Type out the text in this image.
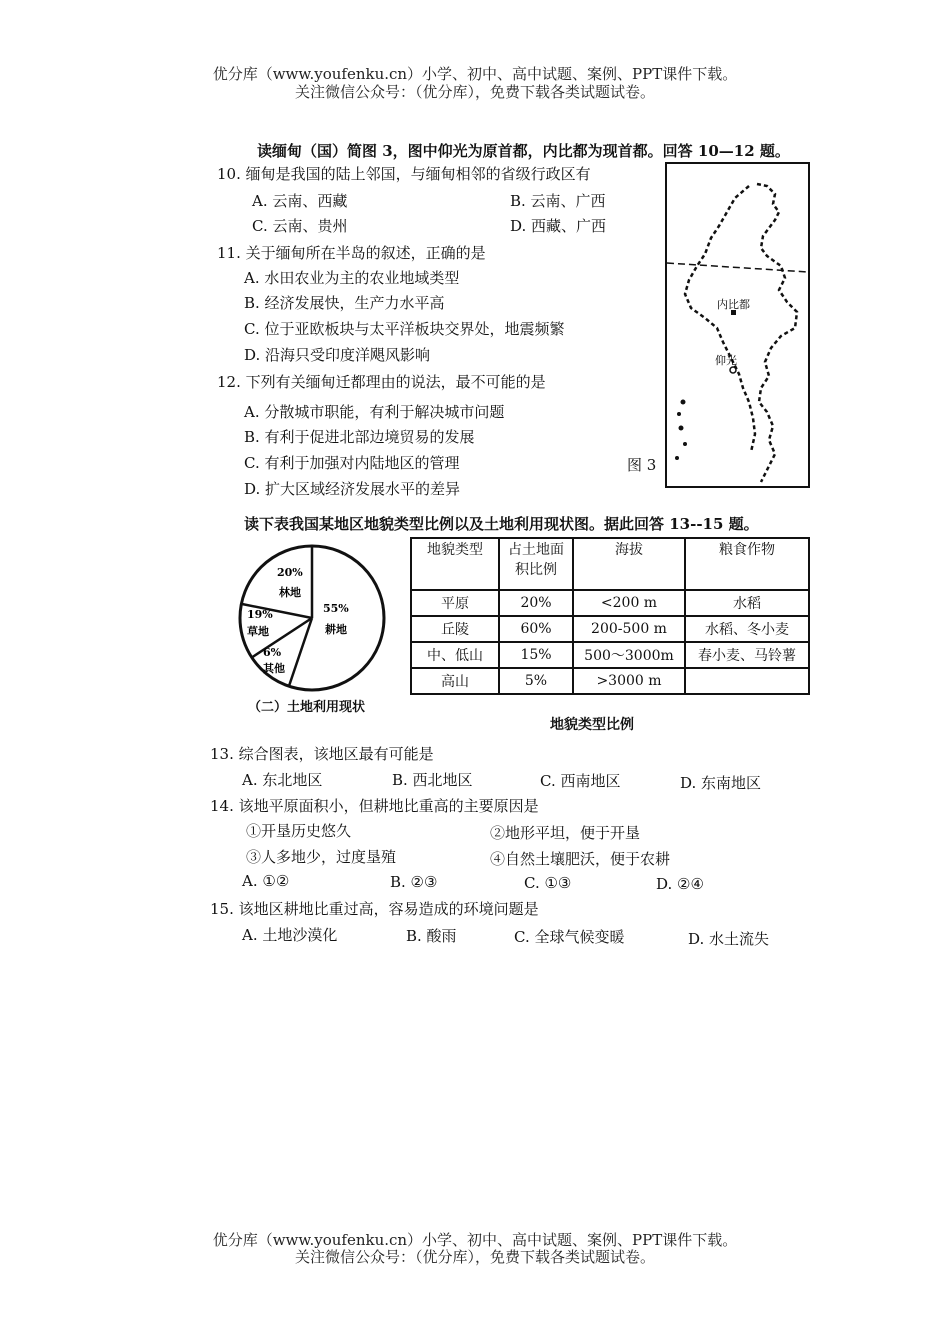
优分库（www.youfenku.cn）小学、初中、高中试题、案例、PPT课件下载。
关注微信公众号：（优分库），免费下载各类试题试卷。
读缅甸（国）简图 3，图中仰光为原首都，内比都为现首都。回答 10—12 题。
10. 缅甸是我国的陆上邻国，与缅甸相邻的省级行政区有
A. 云南、西藏	B. 云南、广西
C. 云南、贵州	D. 西藏、广西
11. 关于缅甸所在半岛的叙述，正确的是
A. 水田农业为主的农业地域类型
B. 经济发展快，生产力水平高
C. 位于亚欧板块与太平洋板块交界处，地震频繁
D. 沿海只受印度洋飓风影响
12. 下列有关缅甸迁都理由的说法，最不可能的是
A. 分散城市职能，有利于解决城市问题
B. 有利于促进北部边境贸易的发展
C. 有利于加强对内陆地区的管理
D. 扩大区域经济发展水平的差异
内比都
仰光
图 3
读下表我国某地区地貌类型比例以及土地利用现状图。据此回答 13--15 题。
55%
耕地
20%
林地
19%
草地
6%
其他
（二）土地利用现状
地貌类型	占土地面积比例	海拔	粮食作物
平原	20%	<200 m	水稻
丘陵	60%	200-500 m	水稻、冬小麦
中、低山	15%	500～3000m	春小麦、马铃薯
高山	5%	>3000 m	
地貌类型比例
13. 综合图表，该地区最有可能是
A. 东北地区	B. 西北地区	C. 西南地区	D. 东南地区
14. 该地平原面积小，但耕地比重高的主要原因是
①开垦历史悠久	②地形平坦，便于开垦
③人多地少，过度垦殖	④自然土壤肥沃，便于农耕
A. ①②	B. ②③	C. ①③	D. ②④
15. 该地区耕地比重过高，容易造成的环境问题是
A. 土地沙漠化	B. 酸雨	C. 全球气候变暖	D. 水土流失
优分库（www.youfenku.cn）小学、初中、高中试题、案例、PPT课件下载。
关注微信公众号：（优分库），免费下载各类试题试卷。
